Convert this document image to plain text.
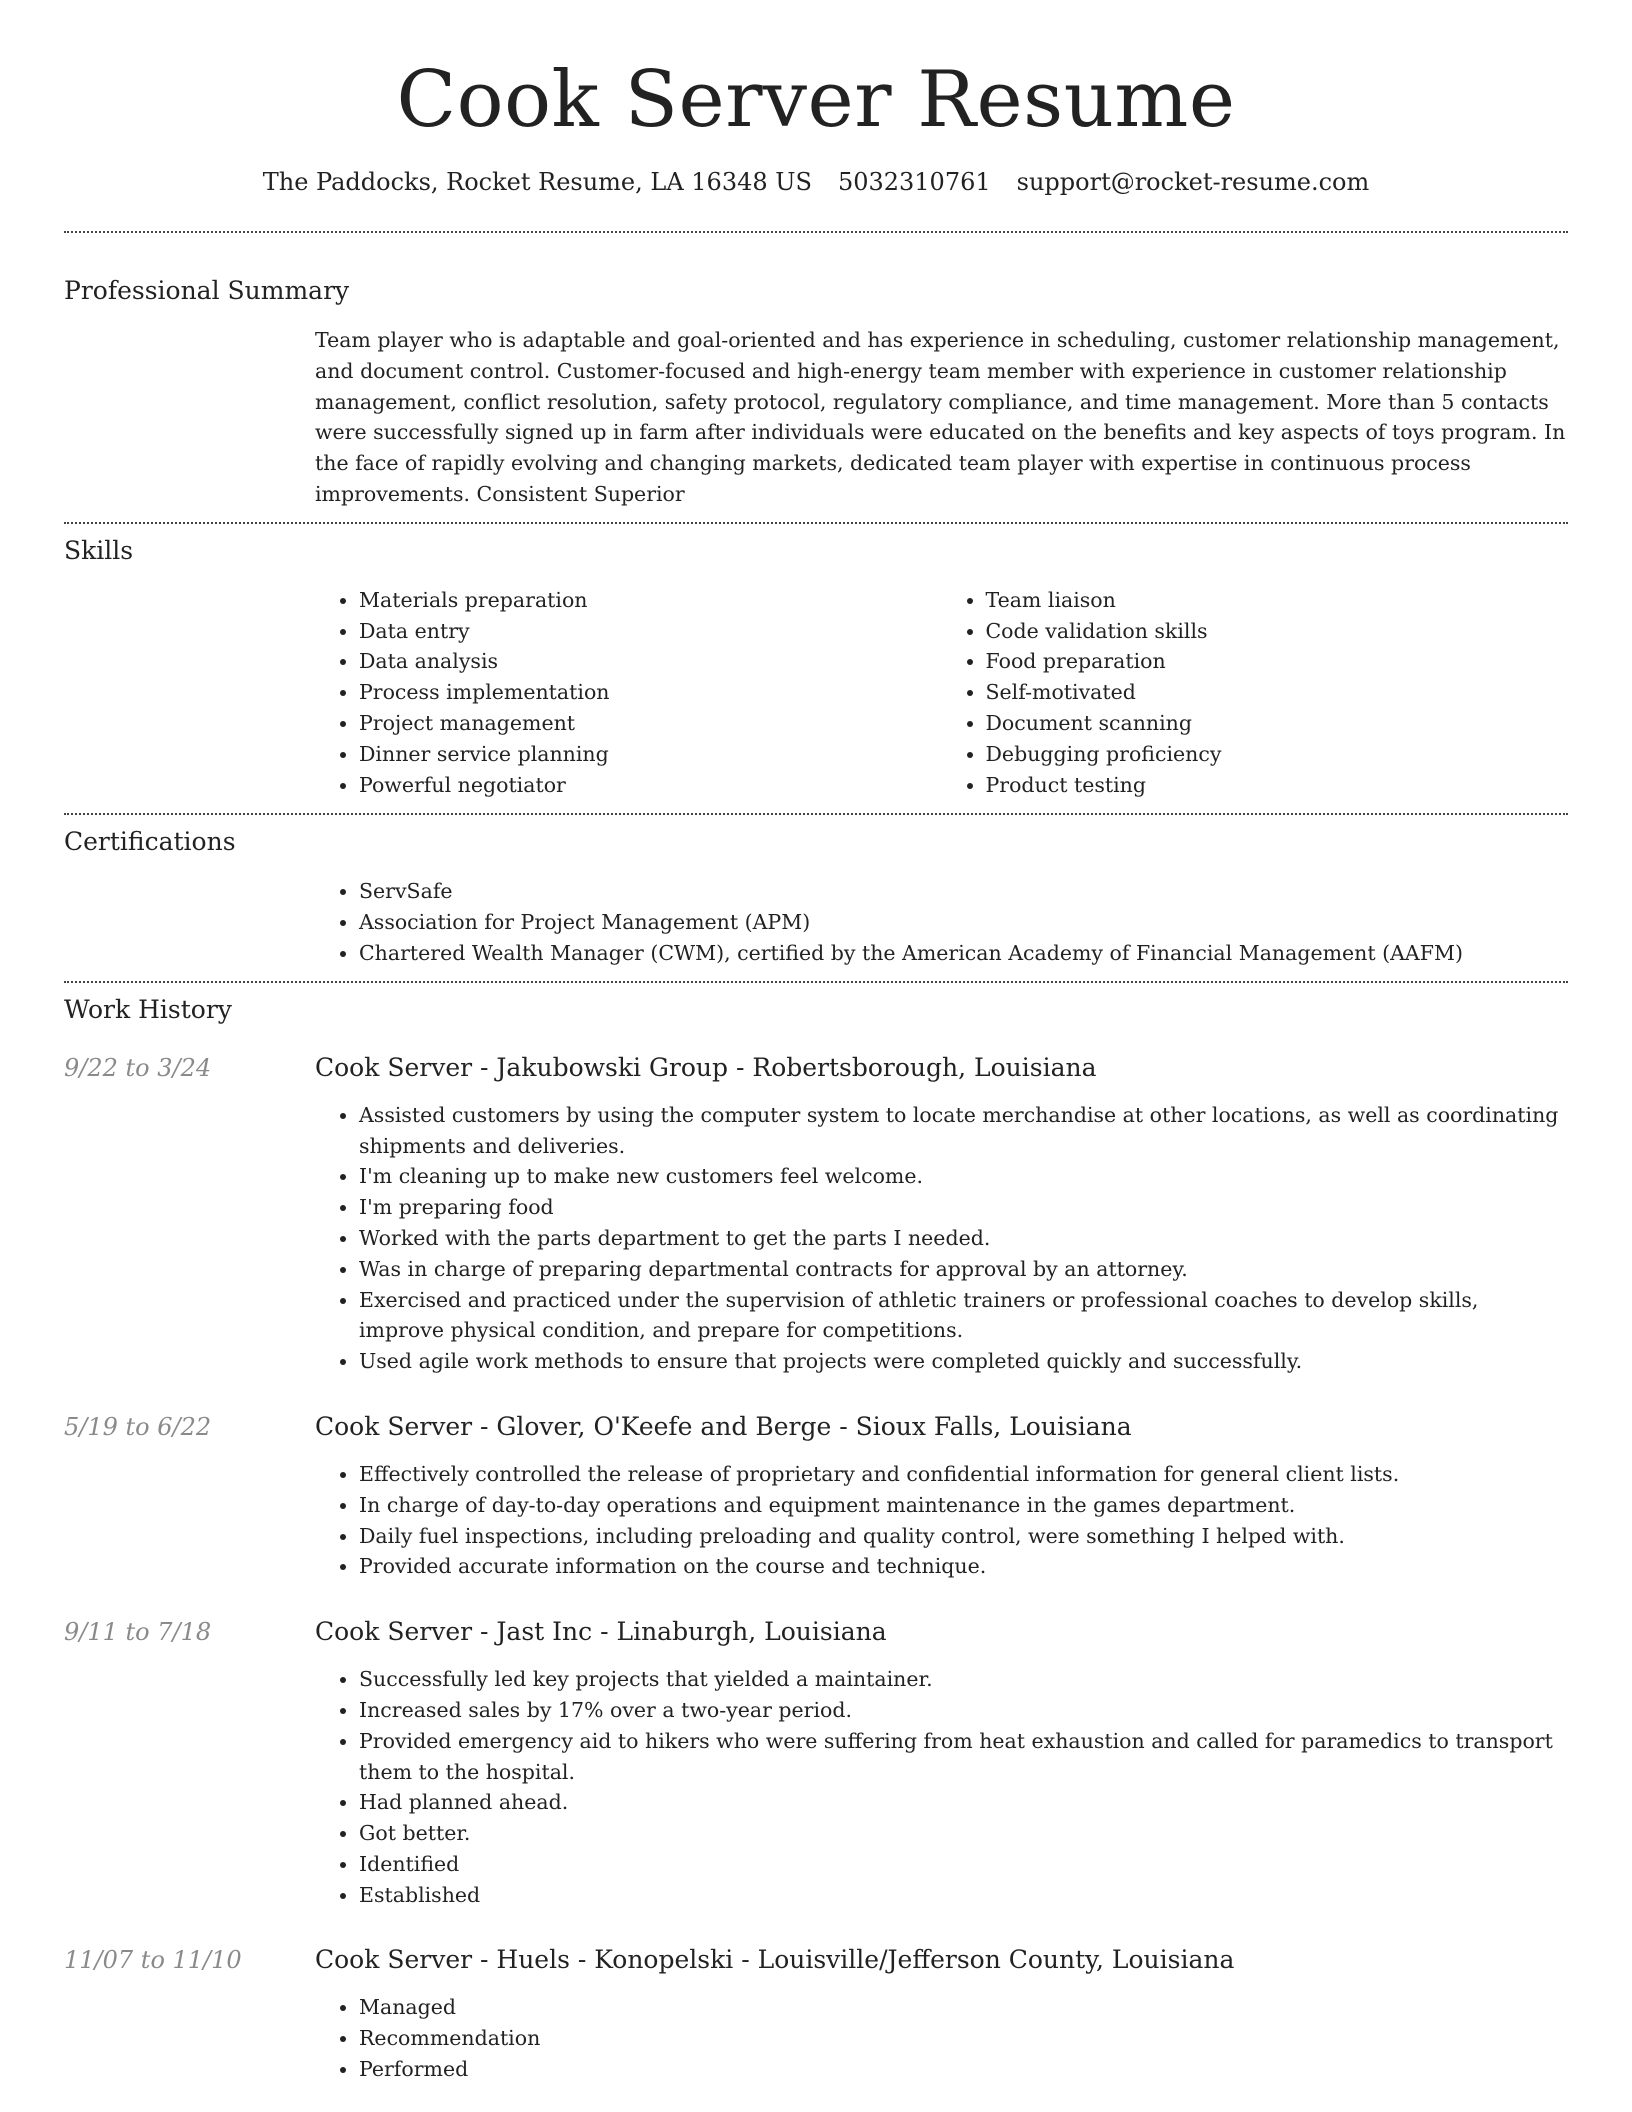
Cook Server Resume
The Paddocks, Rocket Resume, LA 16348 US 5032310761 support@rocket-resume.com
Professional Summary

Team player who is adaptable and goal-oriented and has experience in scheduling, customer relationship management, and document control. Customer-focused and high-energy team member with experience in customer relationship management, conflict resolution, safety protocol, regulatory compliance, and time management. More than 5 contacts were successfully signed up in farm after individuals were educated on the benefits and key aspects of toys program. In the face of rapidly evolving and changing markets, dedicated team player with expertise in continuous process improvements. Consistent Superior

Skills
• Materials preparation
• Data entry
• Data analysis
• Process implementation
• Project management
• Dinner service planning
• Powerful negotiator
• Team liaison
• Code validation skills
• Food preparation
• Self-motivated
• Document scanning
• Debugging proficiency
• Product testing
Certifications
• ServSafe
• Association for Project Management (APM)
• Chartered Wealth Manager (CWM), certified by the American Academy of Financial Management (AAFM)
Work History
9/22 to 3/24	Cook Server - Jakubowski Group - Robertsborough, Louisiana
• Assisted customers by using the computer system to locate merchandise at other locations, as well as coordinating shipments and deliveries.
• I'm cleaning up to make new customers feel welcome.
• I'm preparing food
• Worked with the parts department to get the parts I needed.
• Was in charge of preparing departmental contracts for approval by an attorney.
• Exercised and practiced under the supervision of athletic trainers or professional coaches to develop skills, improve physical condition, and prepare for competitions.
• Used agile work methods to ensure that projects were completed quickly and successfully.
5/19 to 6/22	Cook Server - Glover, O'Keefe and Berge - Sioux Falls, Louisiana
• Effectively controlled the release of proprietary and confidential information for general client lists.
• In charge of day-to-day operations and equipment maintenance in the games department.
• Daily fuel inspections, including preloading and quality control, were something I helped with.
• Provided accurate information on the course and technique.
9/11 to 7/18	Cook Server - Jast Inc - Linaburgh, Louisiana
• Successfully led key projects that yielded a maintainer.
• Increased sales by 17% over a two-year period.
• Provided emergency aid to hikers who were suffering from heat exhaustion and called for paramedics to transport them to the hospital.
• Had planned ahead.
• Got better.
• Identified
• Established
11/07 to 11/10	Cook Server - Huels - Konopelski - Louisville/Jefferson County, Louisiana
• Managed
• Recommendation
• Performed
